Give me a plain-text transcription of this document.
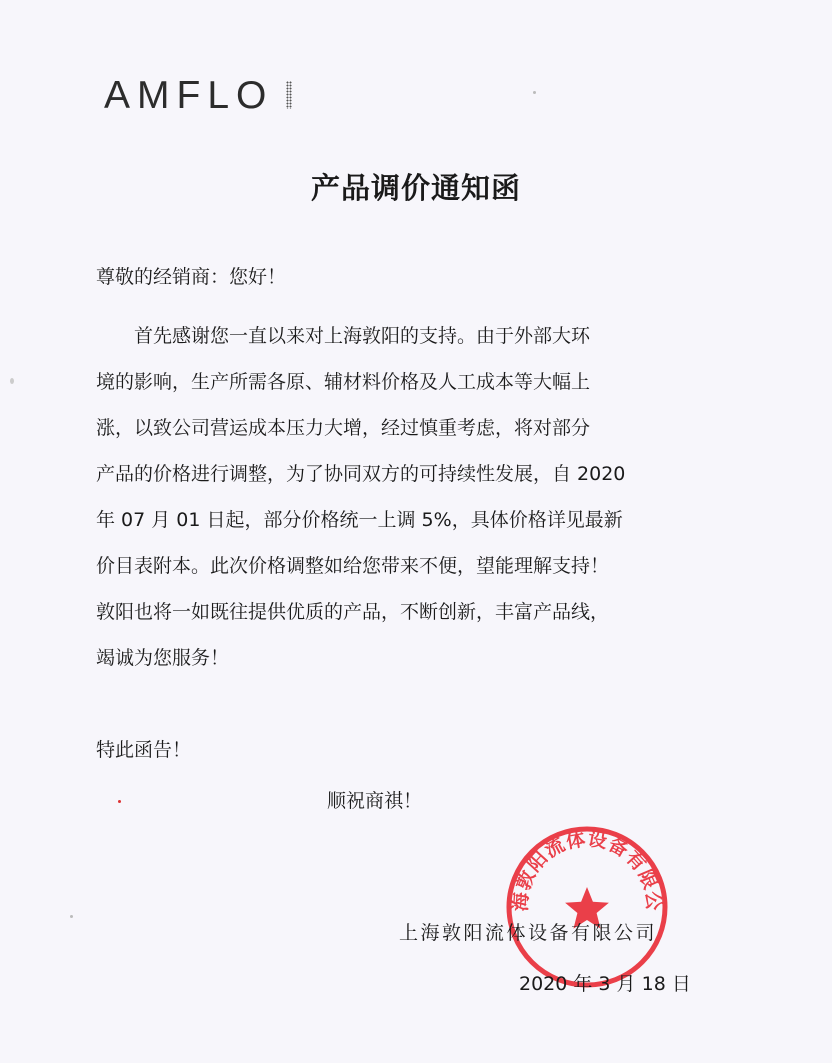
AMFLO
产品调价通知函
尊敬的经销商：您好！

首先感谢您一直以来对上海敦阳的支持。由于外部大环
境的影响，生产所需各原、辅材料价格及人工成本等大幅上
涨，以致公司营运成本压力大增，经过慎重考虑，将对部分
产品的价格进行调整，为了协同双方的可持续性发展，自 2020
年 07 月 01 日起，部分价格统一上调 5%，具体价格详见最新
价目表附本。此次价格调整如给您带来不便，望能理解支持！
敦阳也将一如既往提供优质的产品，不断创新，丰富产品线，
竭诚为您服务！

特此函告！
顺祝商祺！
海敦阳流体设备有限公
上海敦阳流体设备有限公司
2020 年 3 月 18 日
